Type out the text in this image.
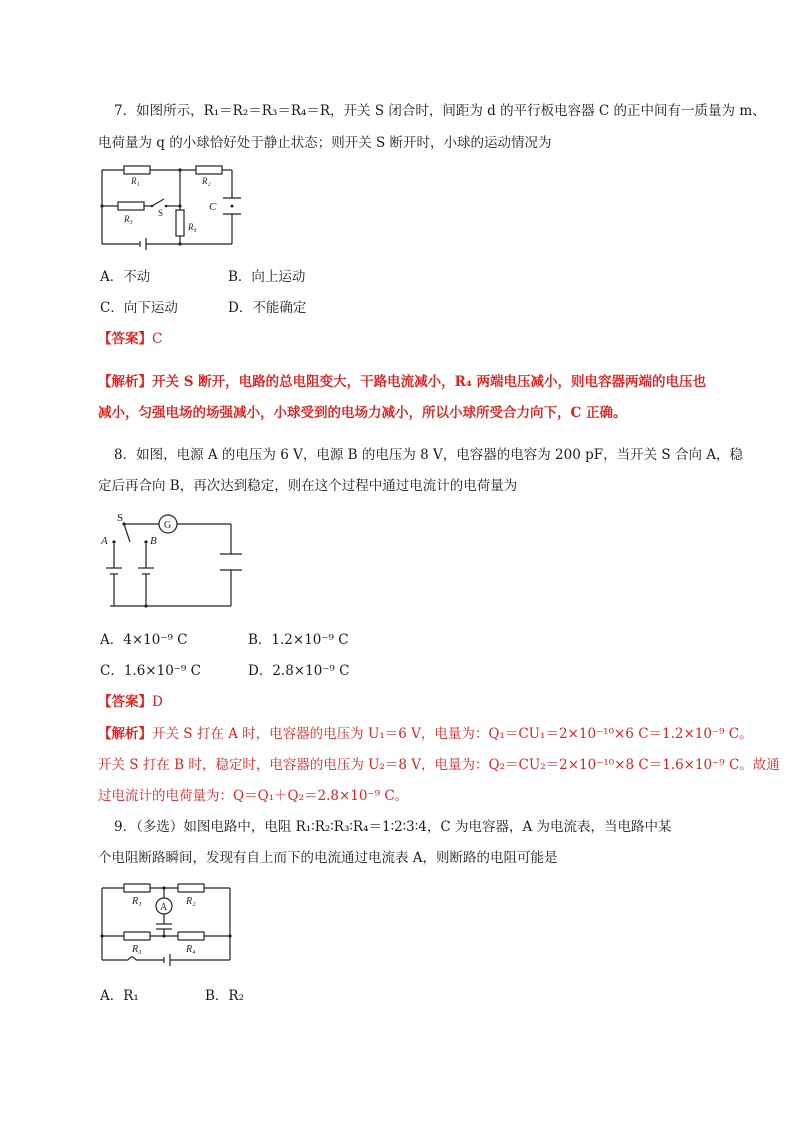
7．如图所示，R₁＝R₂＝R₃＝R₄＝R，开关 S 闭合时，间距为 d 的平行板电容器 C 的正中间有一质量为 m、
电荷量为 q 的小球恰好处于静止状态；则开关 S 断开时，小球的运动情况为
R₁	R₂
R₃
R₄
S	C
A．不动	B．向上运动
C．向下运动	D．不能确定
【答案】C
【解析】开关 S 断开，电路的总电阻变大，干路电流减小，R₄ 两端电压减小，则电容器两端的电压也
减小，匀强电场的场强减小，小球受到的电场力减小，所以小球所受合力向下，C 正确。
8．如图，电源 A 的电压为 6 V，电源 B 的电压为 8 V，电容器的电容为 200 pF，当开关 S 合向 A，稳
定后再合向 B，再次达到稳定，则在这个过程中通过电流计的电荷量为
S
G
A	B
A．4×10⁻⁹ C	B．1.2×10⁻⁹ C
C．1.6×10⁻⁹ C	D．2.8×10⁻⁹ C
【答案】D
【解析】开关 S 打在 A 时，电容器的电压为 U₁＝6 V，电量为：Q₁＝CU₁＝2×10⁻¹⁰×6 C＝1.2×10⁻⁹ C。
开关 S 打在 B 时，稳定时，电容器的电压为 U₂＝8 V，电量为：Q₂＝CU₂＝2×10⁻¹⁰×8 C＝1.6×10⁻⁹ C。故通
过电流计的电荷量为：Q＝Q₁＋Q₂＝2.8×10⁻⁹ C。
9．（多选）如图电路中，电阻 R₁∶R₂∶R₃∶R₄＝1∶2∶3∶4，C 为电容器，A 为电流表，当电路中某
个电阻断路瞬间，发现有自上而下的电流通过电流表 A，则断路的电阻可能是
R₁	R₂
R₃	R₄
A
A．R₁	B．R₂
